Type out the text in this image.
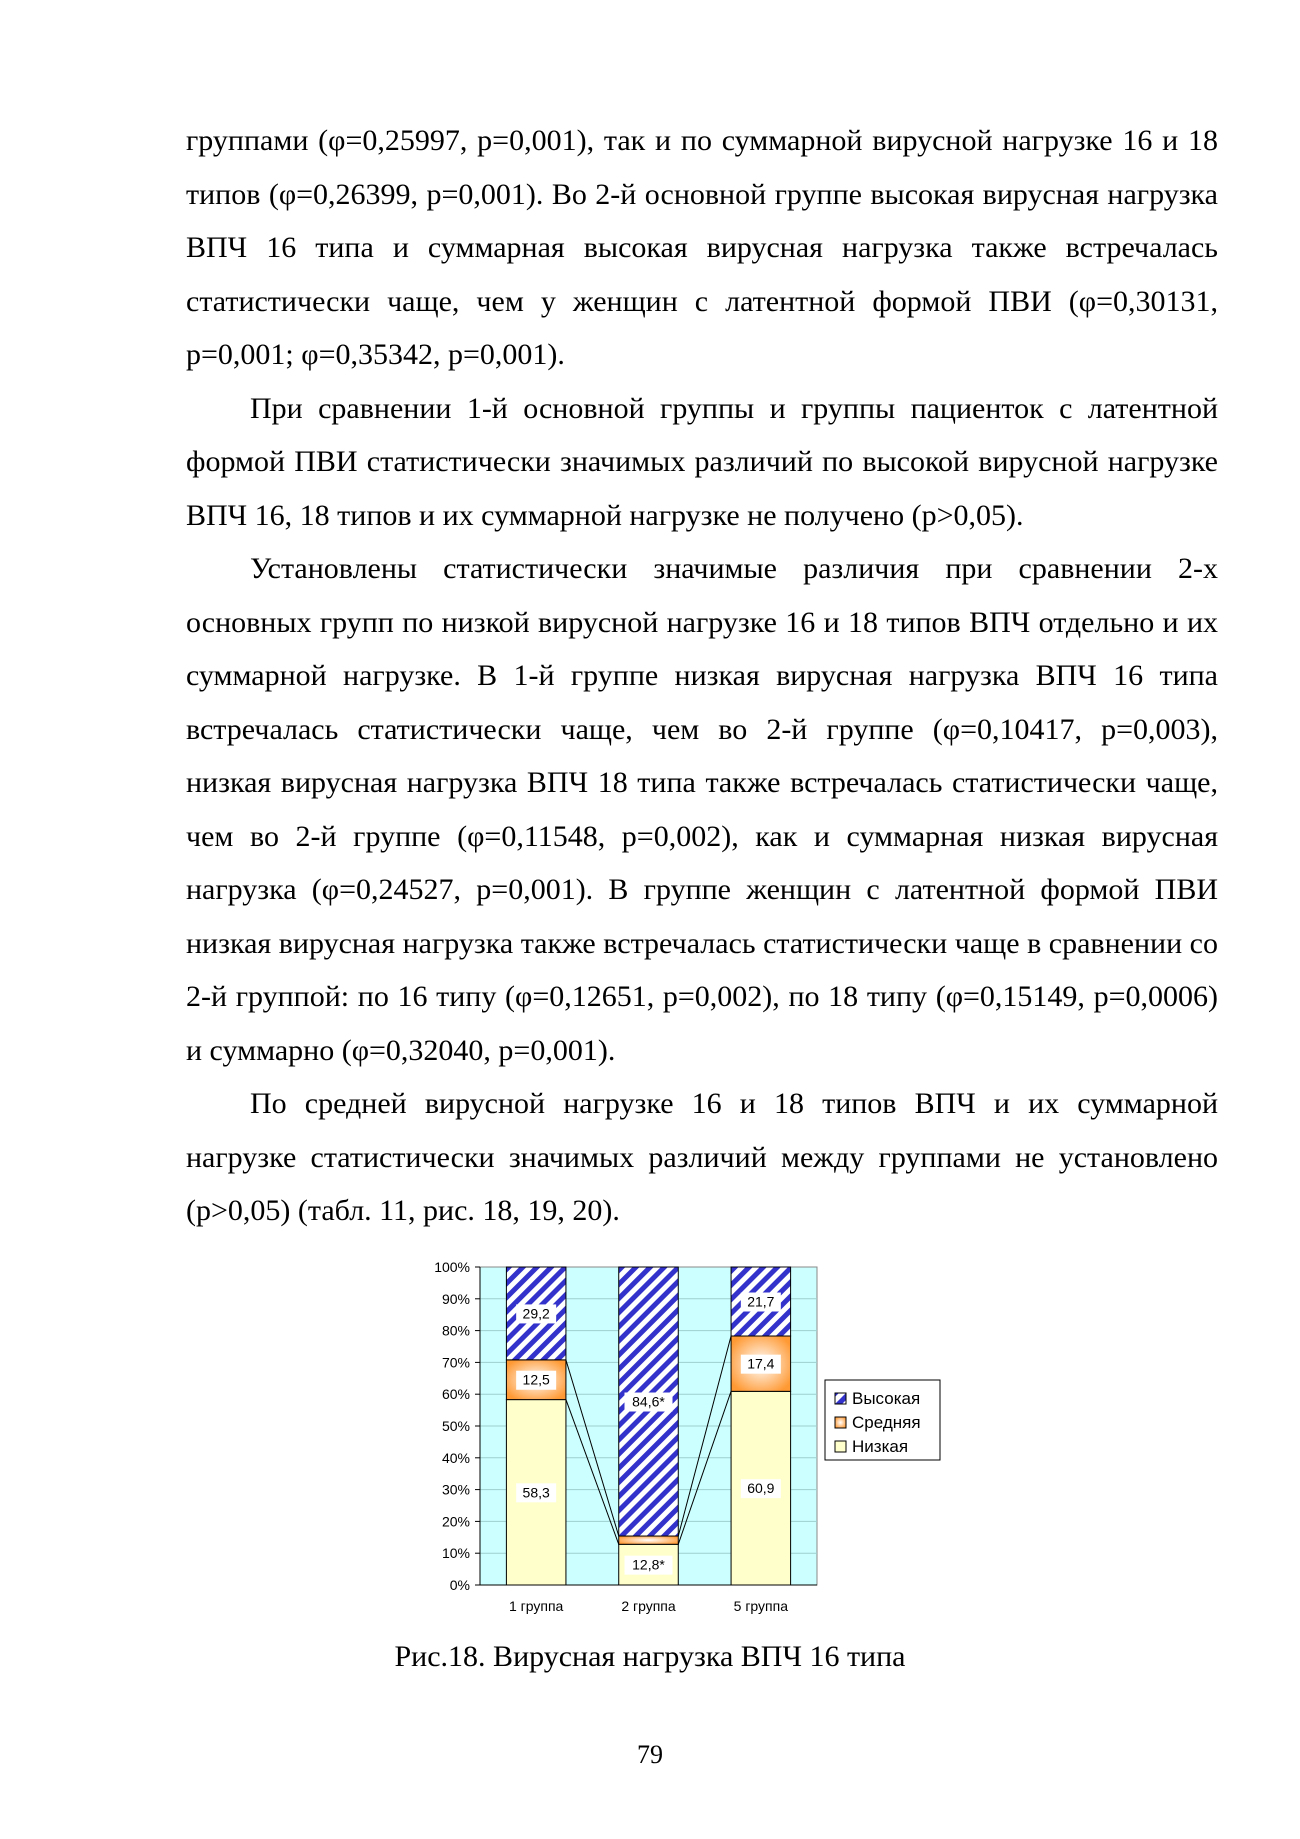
группами (φ=0,25997, p=0,001), так и по суммарной вирусной нагрузке 16 и 18 типов (φ=0,26399, p=0,001). Во 2-й основной группе высокая вирусная нагрузка ВПЧ 16 типа и суммарная высокая вирусная нагрузка также встречалась статистически чаще, чем у женщин с латентной формой ПВИ (φ=0,30131, p=0,001; φ=0,35342, p=0,001).

При сравнении 1-й основной группы и группы пациенток с латентной формой ПВИ статистически значимых различий по высокой вирусной нагрузке ВПЧ 16, 18 типов и их суммарной нагрузке не получено (p>0,05).

Установлены статистически значимые различия при сравнении 2-х основных групп по низкой вирусной нагрузке 16 и 18 типов ВПЧ отдельно и их суммарной нагрузке. В 1-й группе низкая вирусная нагрузка ВПЧ 16 типа встречалась статистически чаще, чем во 2-й группе (φ=0,10417, p=0,003), низкая вирусная нагрузка ВПЧ 18 типа также встречалась статистически чаще, чем во 2-й группе (φ=0,11548, p=0,002), как и суммарная низкая вирусная нагрузка (φ=0,24527, p=0,001). В группе женщин с латентной формой ПВИ низкая вирусная нагрузка также встречалась статистически чаще в сравнении со 2-й группой: по 16 типу (φ=0,12651, p=0,002), по 18 типу (φ=0,15149, p=0,0006) и суммарно (φ=0,32040, p=0,001).

По средней вирусной нагрузке 16 и 18 типов ВПЧ и их суммарной нагрузке статистически значимых различий между группами не установлено (p>0,05) (табл. 11, рис. 18, 19, 20).

0%
10%
20%
30%
40%
50%
60%
70%
80%
90%
100%
58,3
12,5
29,2
1 группа
12,8*
84,6*
2 группа
60,9
17,4
21,7
5 группа
Высокая
Средняя
Низкая
Рис.18. Вирусная нагрузка ВПЧ 16 типа
79
